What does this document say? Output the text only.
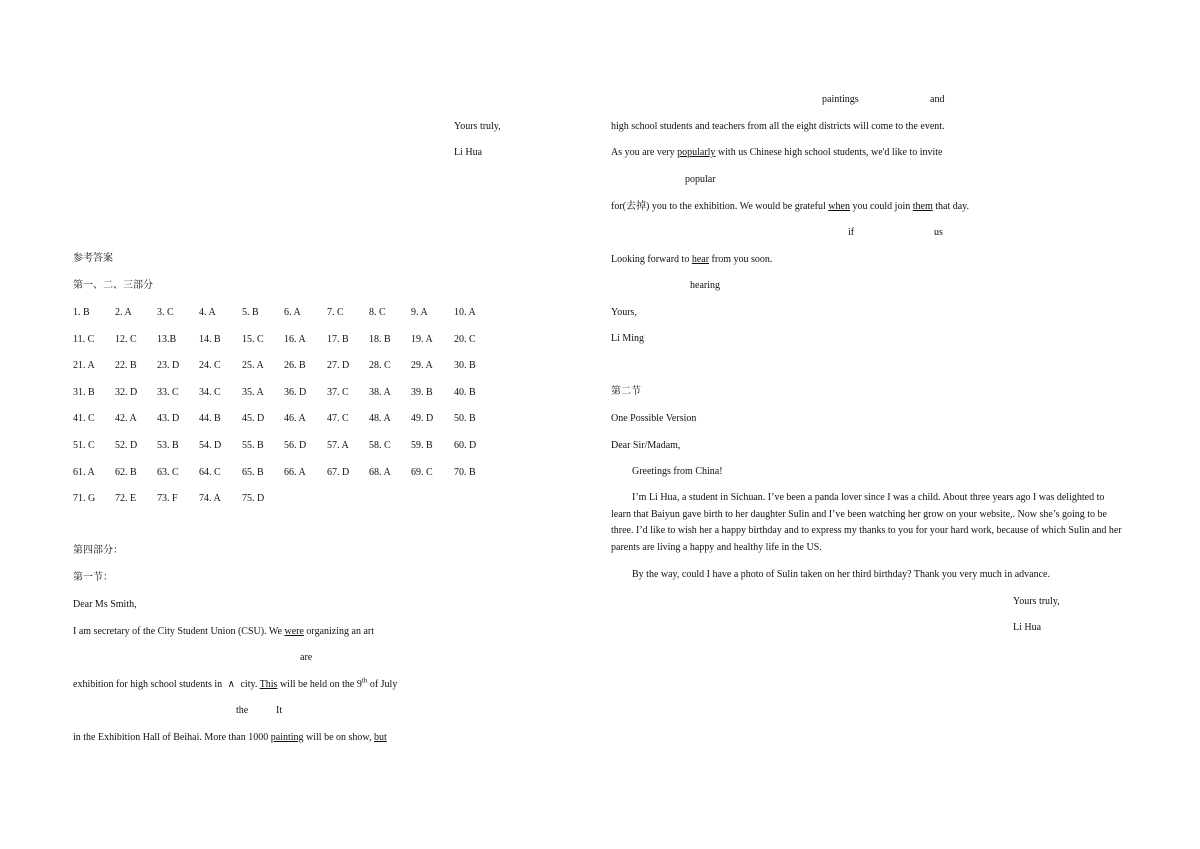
Yours truly,
Li Hua
参考答案
第一、二、三部分
1. B	2. A	3. C	4. A	5. B	6. A	7. C	8. C	9. A	10. A
11. C 12. C 13.B 14. B 15. C 16. A 17. B 18. B 19. A 20. C
21. A 22. B 23. D 24. C 25. A 26. B 27. D 28. C 29. A 30. B
31. B 32. D 33. C 34. C 35. A 36. D 37. C 38. A 39. B 40. B
41. C 42. A 43. D 44. B 45. D 46. A 47. C 48. A 49. D 50. B
51. C 52. D 53. B 54. D 55. B 56. D 57. A 58. C 59. B 60. D
61. A 62. B 63. C 64. C 65. B 66. A 67. D 68. A 69. C 70. B
71. G 72. E 73. F 74. A 75. D
第四部分：
第一节：
Dear Ms Smith,
I am secretary of the City Student Union (CSU). We were organizing an art
are
exhibition for high school students in ∧ city. This will be held on the 9th of July
the	It
in the Exhibition Hall of Beihai. More than 1000 painting will be on show, but
paintings	and
high school students and teachers from all the eight districts will come to the event.
As you are very popularly with us Chinese high school students, we'd like to invite
popular
for(去掉) you to the exhibition. We would be grateful when you could join them that day.
if	us
Looking forward to hear from you soon.
hearing
Yours,
Li Ming
第二节
One Possible Version
Dear Sir/Madam,
Greetings from China!
I’m Li Hua, a student in Sichuan. I’ve been a panda lover since I was a child. About three years ago I was delighted to learn that Baiyun gave birth to her daughter Sulin and I’ve been watching her grow on your website,. Now she’s going to be three. I’d like to wish her a happy birthday and to express my thanks to you for your hard work, because of which Sulin and her parents are living a happy and healthy life in the US.
By the way, could I have a photo of Sulin taken on her third birthday? Thank you very much in advance.
Yours truly,
Li Hua
